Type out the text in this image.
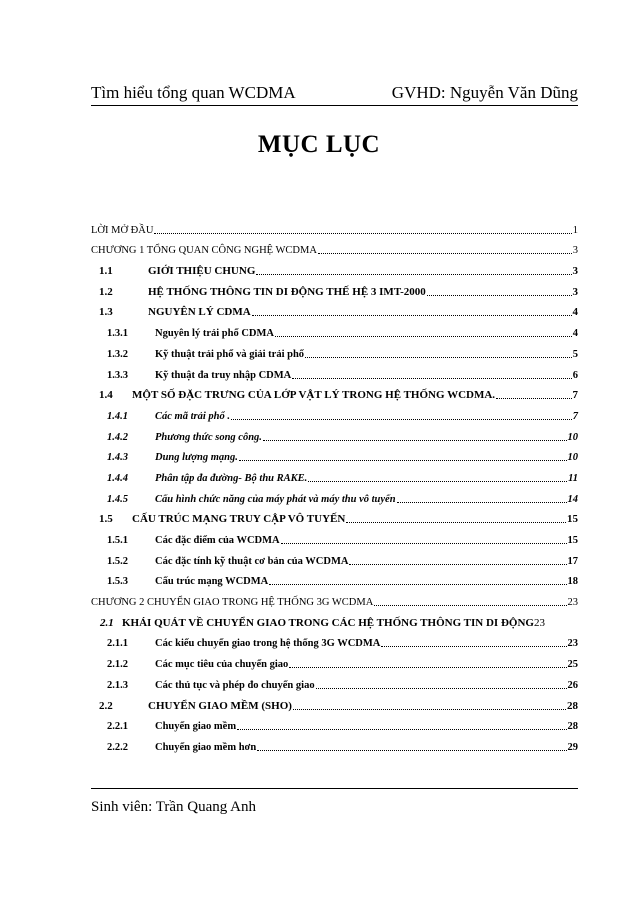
Tìm hiểu tổng quan WCDMA	GVHD: Nguyễn Văn Dũng
MỤC LỤC
LỜI MỞ ĐẦU	1
CHƯƠNG 1 TỔNG QUAN CÔNG NGHỆ WCDMA	3
1.1	GIỚI THIỆU CHUNG	3
1.2	HỆ THỐNG THÔNG TIN DI ĐỘNG THẾ HỆ 3 IMT-2000	3
1.3	NGUYÊN LÝ CDMA	4
1.3.1	Nguyên lý trải phổ CDMA	4
1.3.2	Kỹ thuật trải phổ và giải trải phổ	5
1.3.3	Kỹ thuật đa truy nhập CDMA	6
1.4	MỘT SỐ ĐẶC TRƯNG CỦA LỚP VẬT LÝ TRONG HỆ THỐNG WCDMA.	7
1.4.1	Các mã trải phổ .	7
1.4.2	Phương thức song công.	10
1.4.3	Dung lượng mạng.	10
1.4.4	Phân tập đa đường- Bộ thu RAKE.	11
1.4.5	Cấu hình chức năng của máy phát và máy thu vô tuyến	14
1.5	CẤU TRÚC MẠNG TRUY CẬP VÔ TUYẾN	15
1.5.1	Các đặc điểm của WCDMA	15
1.5.2	Các đặc tính kỹ thuật cơ bản của WCDMA	17
1.5.3	Cấu trúc mạng WCDMA	18
CHƯƠNG 2 CHUYỂN GIAO TRONG HỆ THỐNG 3G WCDMA	23
2.1 KHÁI QUÁT VỀ CHUYỂN GIAO TRONG CÁC HỆ THỐNG THÔNG TIN DI ĐỘNG 23
2.1.1	Các kiểu chuyển giao trong hệ thống 3G WCDMA	23
2.1.2	Các mục tiêu của chuyển giao	25
2.1.3	Các thủ tục và phép đo chuyển giao	26
2.2	CHUYỂN GIAO MỀM (SHO)	28
2.2.1	Chuyển giao mềm	28
2.2.2	Chuyển giao mềm hơn	29
Sinh viên: Trần Quang Anh
